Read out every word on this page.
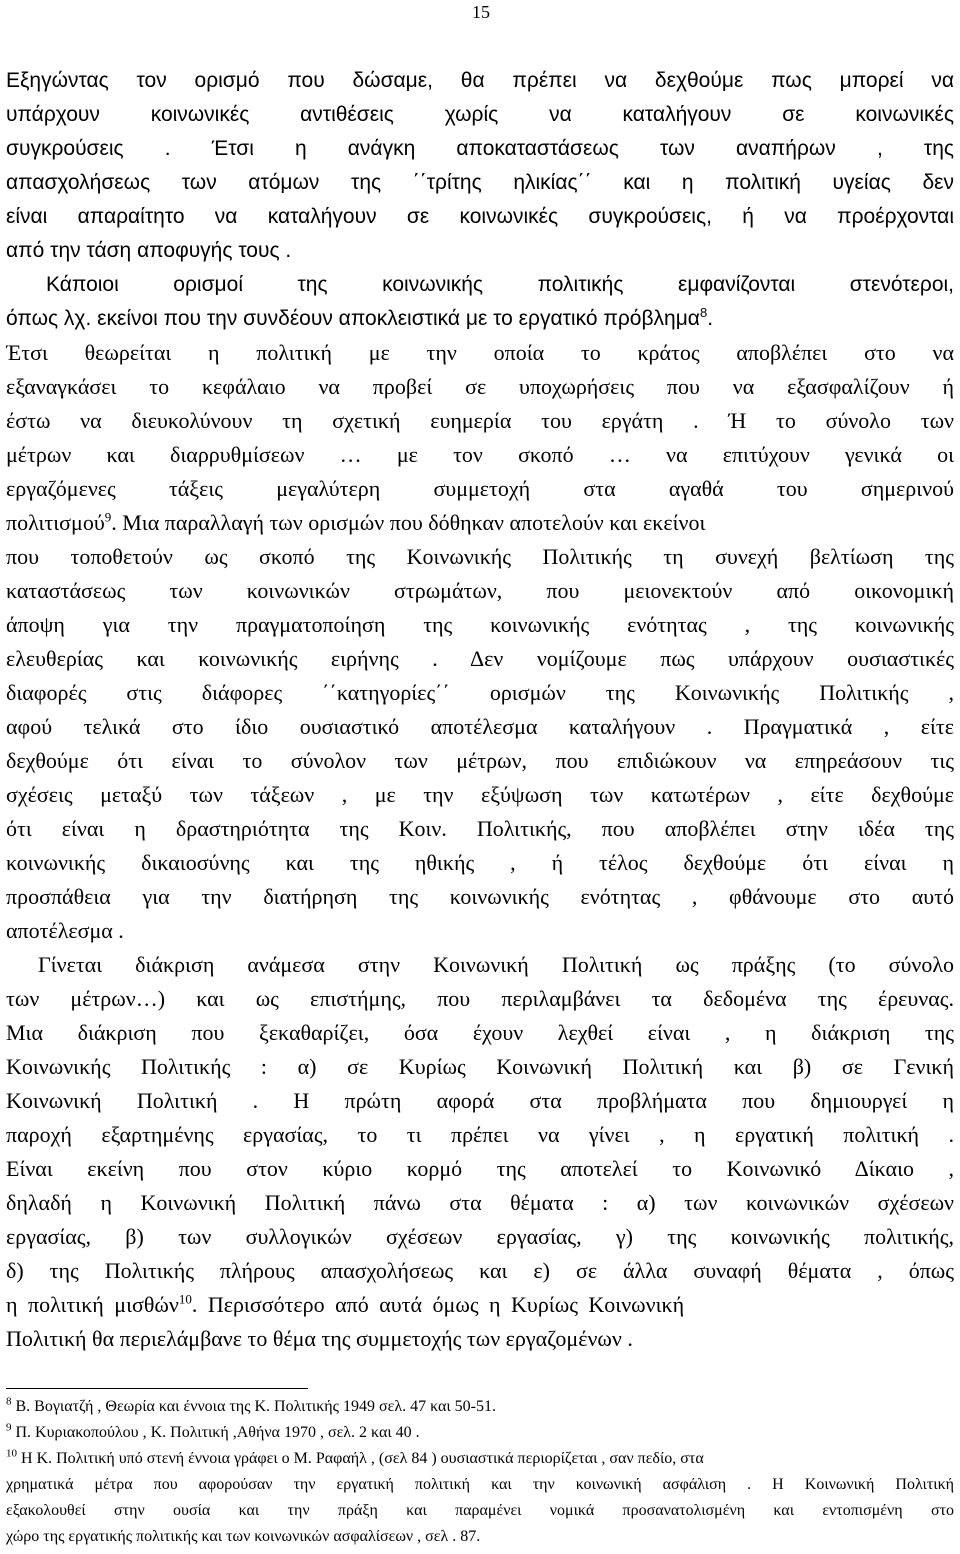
15
Εξηγώντας τον ορισμό που δώσαμε, θα πρέπει να δεχθούμε πως μπορεί να
υπάρχουν κοινωνικές αντιθέσεις χωρίς να καταλήγουν σε κοινωνικές
συγκρούσεις . Έτσι η ανάγκη αποκαταστάσεως των αναπήρων , της
απασχολήσεως των ατόμων της ΄΄τρίτης ηλικίας΄΄ και η πολιτική υγείας δεν
είναι απαραίτητο να καταλήγουν σε κοινωνικές συγκρούσεις, ή να προέρχονται
από την τάση αποφυγής τους .
Κάποιοι ορισμοί της κοινωνικής πολιτικής εμφανίζονται στενότεροι,
όπως λχ. εκείνοι που την συνδέουν αποκλειστικά με το εργατικό πρόβλημα$^8$.
Έτσι θεωρείται η πολιτική με την οποία το κράτος αποβλέπει στο να
εξαναγκάσει το κεφάλαιο να προβεί σε υποχωρήσεις που να εξασφαλίζουν ή
έστω να διευκολύνουν τη σχετική ευημερία του εργάτη . Ή το σύνολο των
μέτρων και διαρρυθμίσεων … με τον σκοπό … να επιτύχουν γενικά οι
εργαζόμενες τάξεις μεγαλύτερη συμμετοχή στα αγαθά του σημερινού
πολιτισμού$^9$. Μια παραλλαγή των ορισμών που δόθηκαν αποτελούν και εκείνοι
που τοποθετούν ως σκοπό της Κοινωνικής Πολιτικής τη συνεχή βελτίωση της
καταστάσεως των κοινωνικών στρωμάτων, που μειονεκτούν από οικονομική
άποψη για την πραγματοποίηση της κοινωνικής ενότητας , της κοινωνικής
ελευθερίας και κοινωνικής ειρήνης . Δεν νομίζουμε πως υπάρχουν ουσιαστικές
διαφορές στις διάφορες ΄΄κατηγορίες΄΄ ορισμών της Κοινωνικής Πολιτικής ,
αφού τελικά στο ίδιο ουσιαστικό αποτέλεσμα καταλήγουν . Πραγματικά , είτε
δεχθούμε ότι είναι το σύνολον των μέτρων, που επιδιώκουν να επηρεάσουν τις
σχέσεις μεταξύ των τάξεων , με την εξύψωση των κατωτέρων , είτε δεχθούμε
ότι είναι η δραστηριότητα της Κοιν. Πολιτικής, που αποβλέπει στην ιδέα της
κοινωνικής δικαιοσύνης και της ηθικής , ή τέλος δεχθούμε ότι είναι η
προσπάθεια για την διατήρηση της κοινωνικής ενότητας , φθάνουμε στο αυτό
αποτέλεσμα .
Γίνεται διάκριση ανάμεσα στην Κοινωνική Πολιτική ως πράξης (το σύνολο
των μέτρων…) και ως επιστήμης, που περιλαμβάνει τα δεδομένα της έρευνας.
Μια διάκριση που ξεκαθαρίζει, όσα έχουν λεχθεί είναι , η διάκριση της
Κοινωνικής Πολιτικής : α) σε Κυρίως Κοινωνική Πολιτική και β) σε Γενική
Κοινωνική Πολιτική . Η πρώτη αφορά στα προβλήματα που δημιουργεί η
παροχή εξαρτημένης εργασίας, το τι πρέπει να γίνει , η εργατική πολιτική .
Είναι εκείνη που στον κύριο κορμό της αποτελεί το Κοινωνικό Δίκαιο ,
δηλαδή η Κοινωνική Πολιτική πάνω στα θέματα : α) των κοινωνικών σχέσεων
εργασίας, β) των συλλογικών σχέσεων εργασίας, γ) της κοινωνικής πολιτικής,
δ) της Πολιτικής πλήρους απασχολήσεως και ε) σε άλλα συναφή θέματα , όπως
η πολιτική μισθών$^{10}$. Περισσότερο από αυτά όμως η Κυρίως Κοινωνική
Πολιτική θα περιελάμβανε το θέμα της συμμετοχής των εργαζομένων .
$^8$ Β. Βογιατζή , Θεωρία και έννοια της Κ. Πολιτικής 1949 σελ. 47 και 50-51.
$^9$ Π. Κυριακοπούλου , Κ. Πολιτική ,Αθήνα 1970 , σελ. 2 και 40 .
$^{10}$ Η Κ. Πολιτική υπό στενή έννοια γράφει ο Μ. Ραφαήλ , (σελ 84 ) ουσιαστικά περιορίζεται , σαν πεδίο, στα
χρηματικά μέτρα που αφορούσαν την εργατική πολιτική και την κοινωνική ασφάλιση . Η Κοινωνική Πολιτική
εξακολουθεί στην ουσία και την πράξη και παραμένει νομικά προσανατολισμένη και εντοπισμένη στο
χώρο της εργατικής πολιτικής και των κοινωνικών ασφαλίσεων , σελ . 87.
